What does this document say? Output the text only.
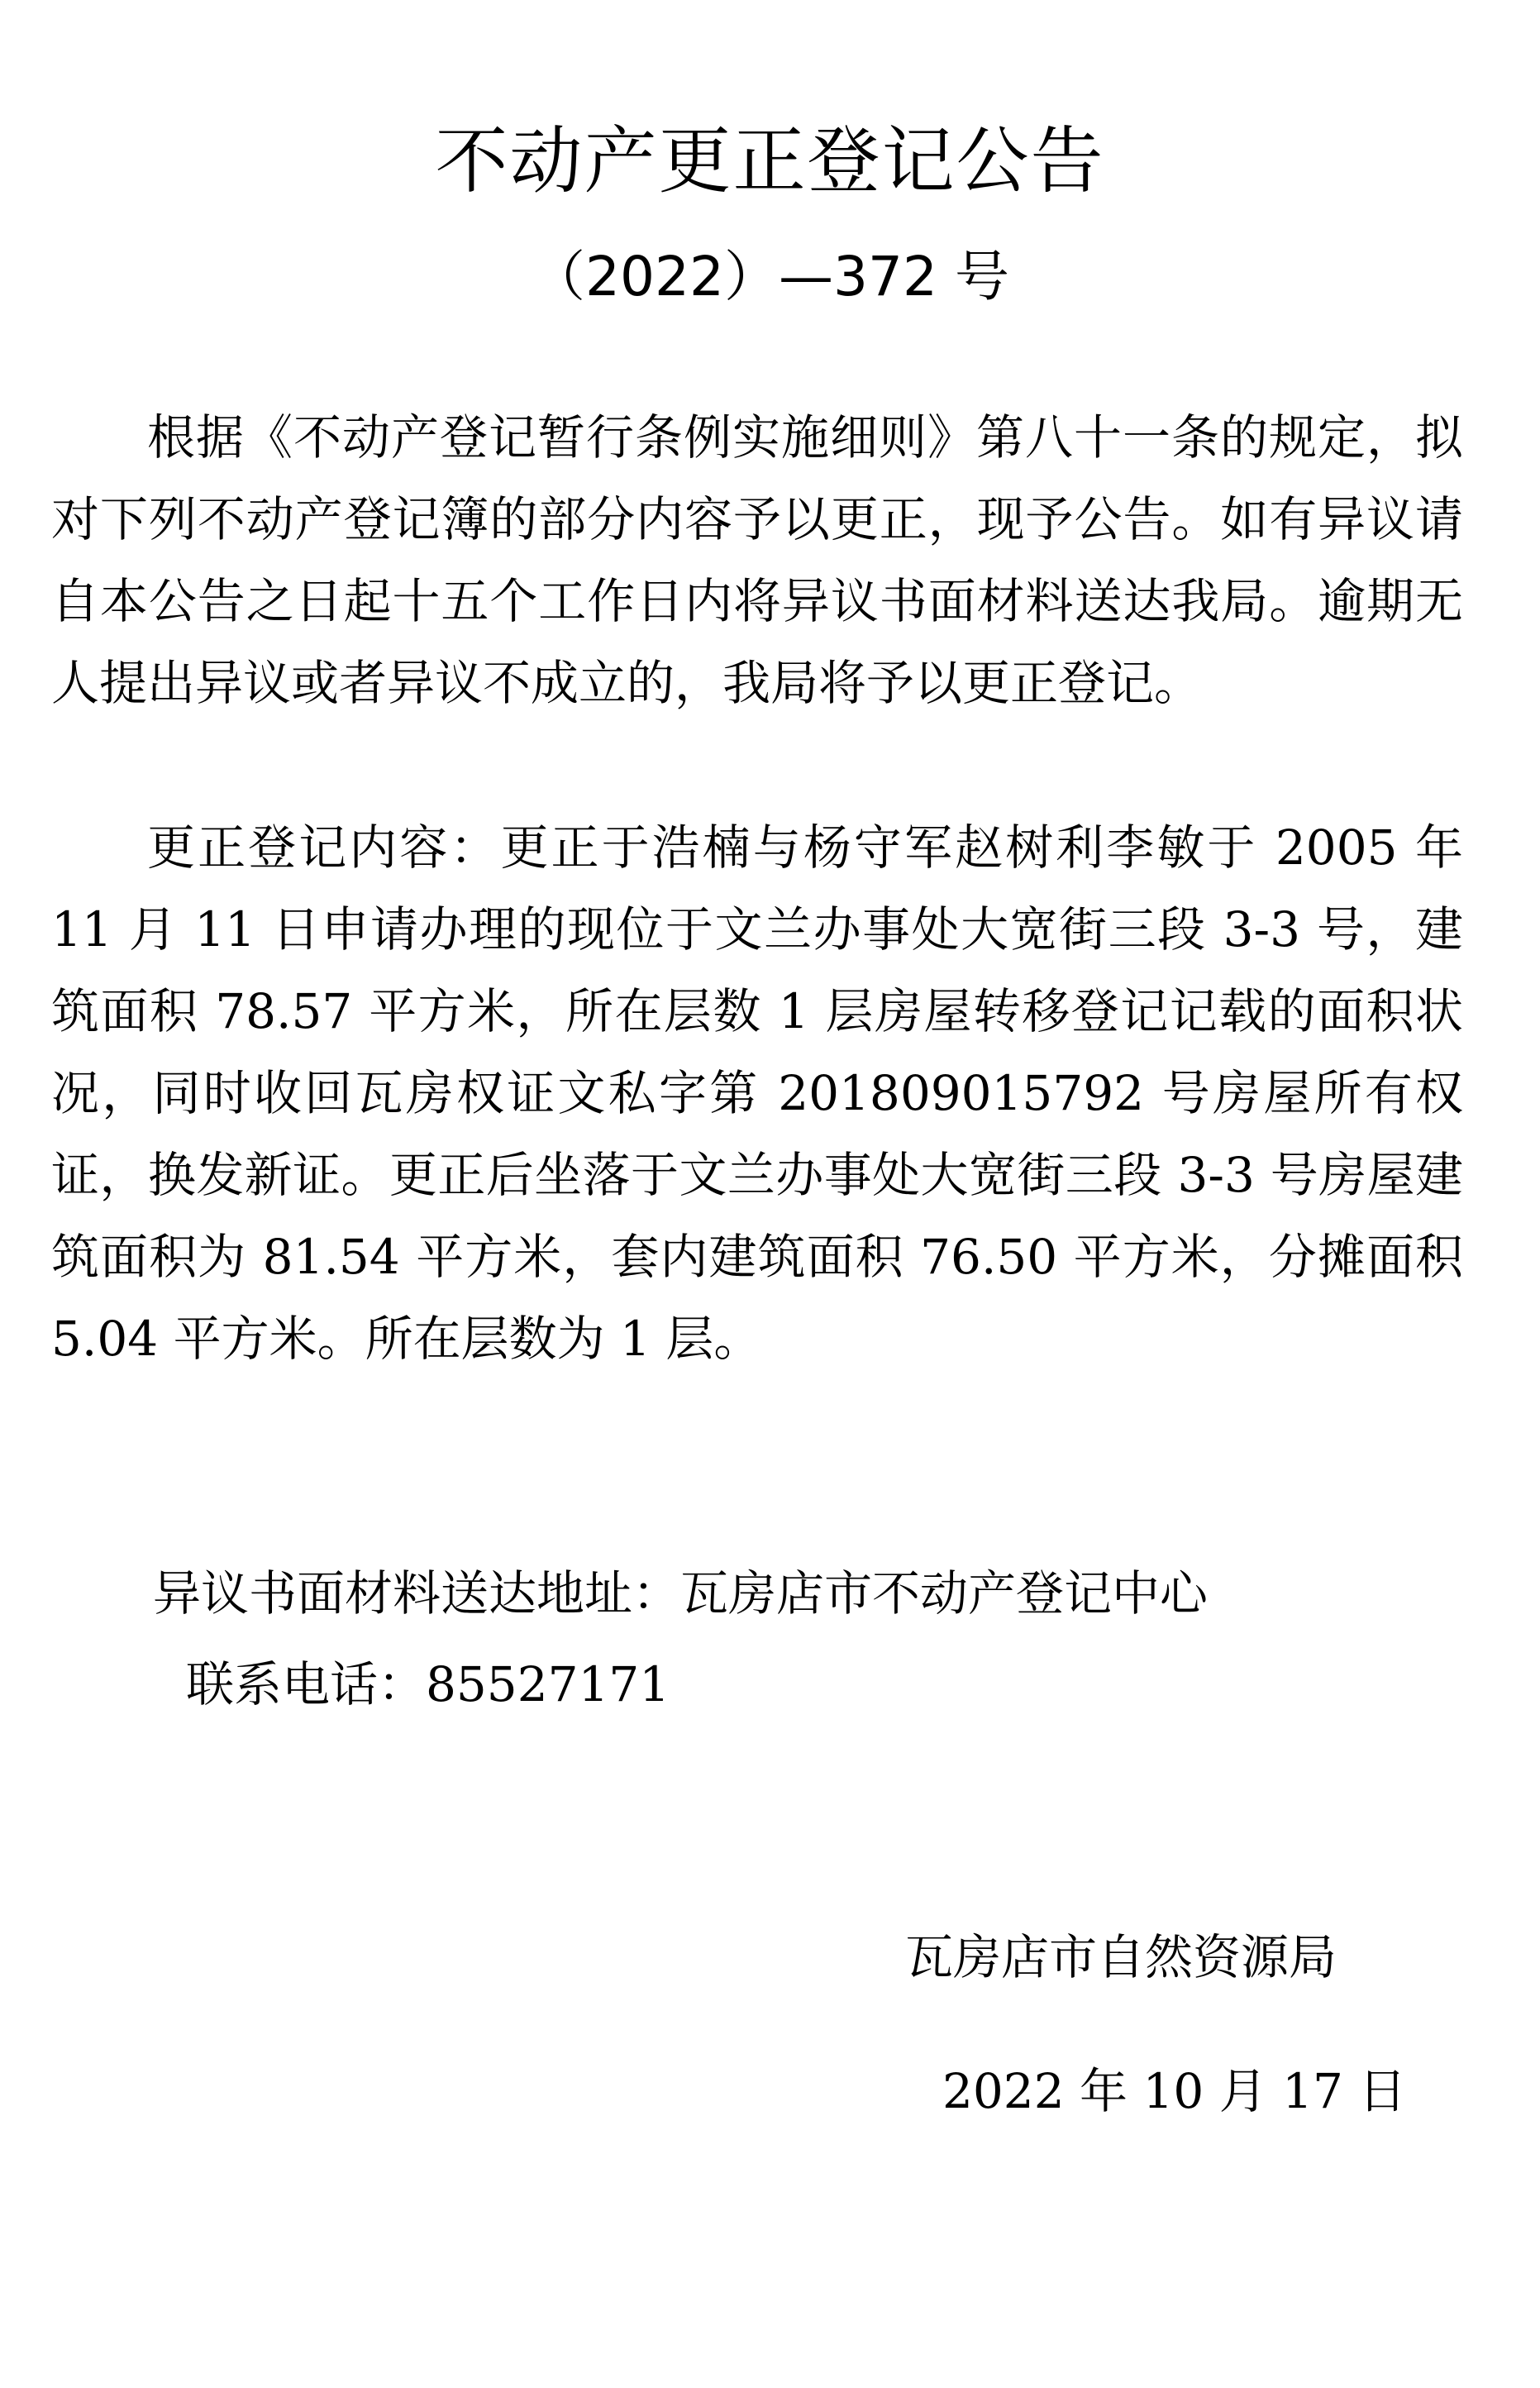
不动产更正登记公告
（2022）—372 号

根据《不动产登记暂行条例实施细则》第八十一条的规定，拟对下列不动产登记簿的部分内容予以更正，现予公告。如有异议请自本公告之日起十五个工作日内将异议书面材料送达我局。逾期无人提出异议或者异议不成立的，我局将予以更正登记。

更正登记内容：更正于浩楠与杨守军赵树利李敏于 2005 年 11 月 11 日申请办理的现位于文兰办事处大宽街三段 3-3 号，建筑面积 78.57 平方米，所在层数 1 层房屋转移登记记载的面积状况，同时收回瓦房权证文私字第 201809015792 号房屋所有权证，换发新证。更正后坐落于文兰办事处大宽街三段 3-3 号房屋建筑面积为 81.54 平方米，套内建筑面积 76.50 平方米，分摊面积 5.04 平方米。所在层数为 1 层。

异议书面材料送达地址：瓦房店市不动产登记中心
联系电话：85527171
瓦房店市自然资源局
2022 年 10 月 17 日
